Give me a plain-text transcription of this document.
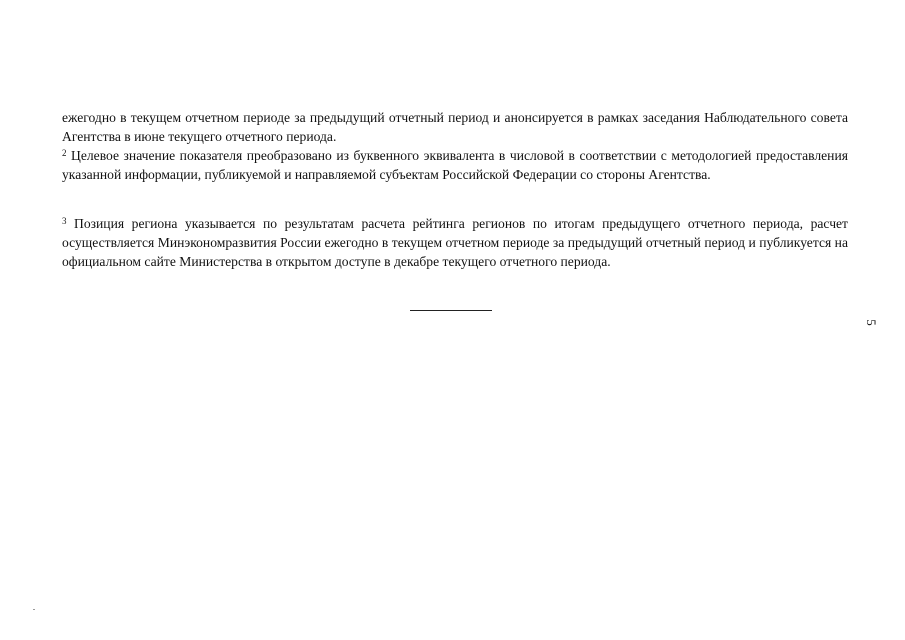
ежегодно в текущем отчетном периоде за предыдущий отчетный период и анонсируется в рамках заседания Наблюдательного совета Агентства в июне текущего отчетного периода.

$^2$ Целевое значение показателя преобразовано из буквенного эквивалента в числовой в соответствии с методологией предоставления указанной информации, публикуемой и направляемой субъектам Российской Федерации со стороны Агентства.

$^3$ Позиция региона указывается по результатам расчета рейтинга регионов по итогам предыдущего отчетного периода, расчет осуществляется Минэкономразвития России ежегодно в текущем отчетном периоде за предыдущий отчетный период и публикуется на официальном сайте Министерства в открытом доступе в декабре текущего отчетного периода.

5
